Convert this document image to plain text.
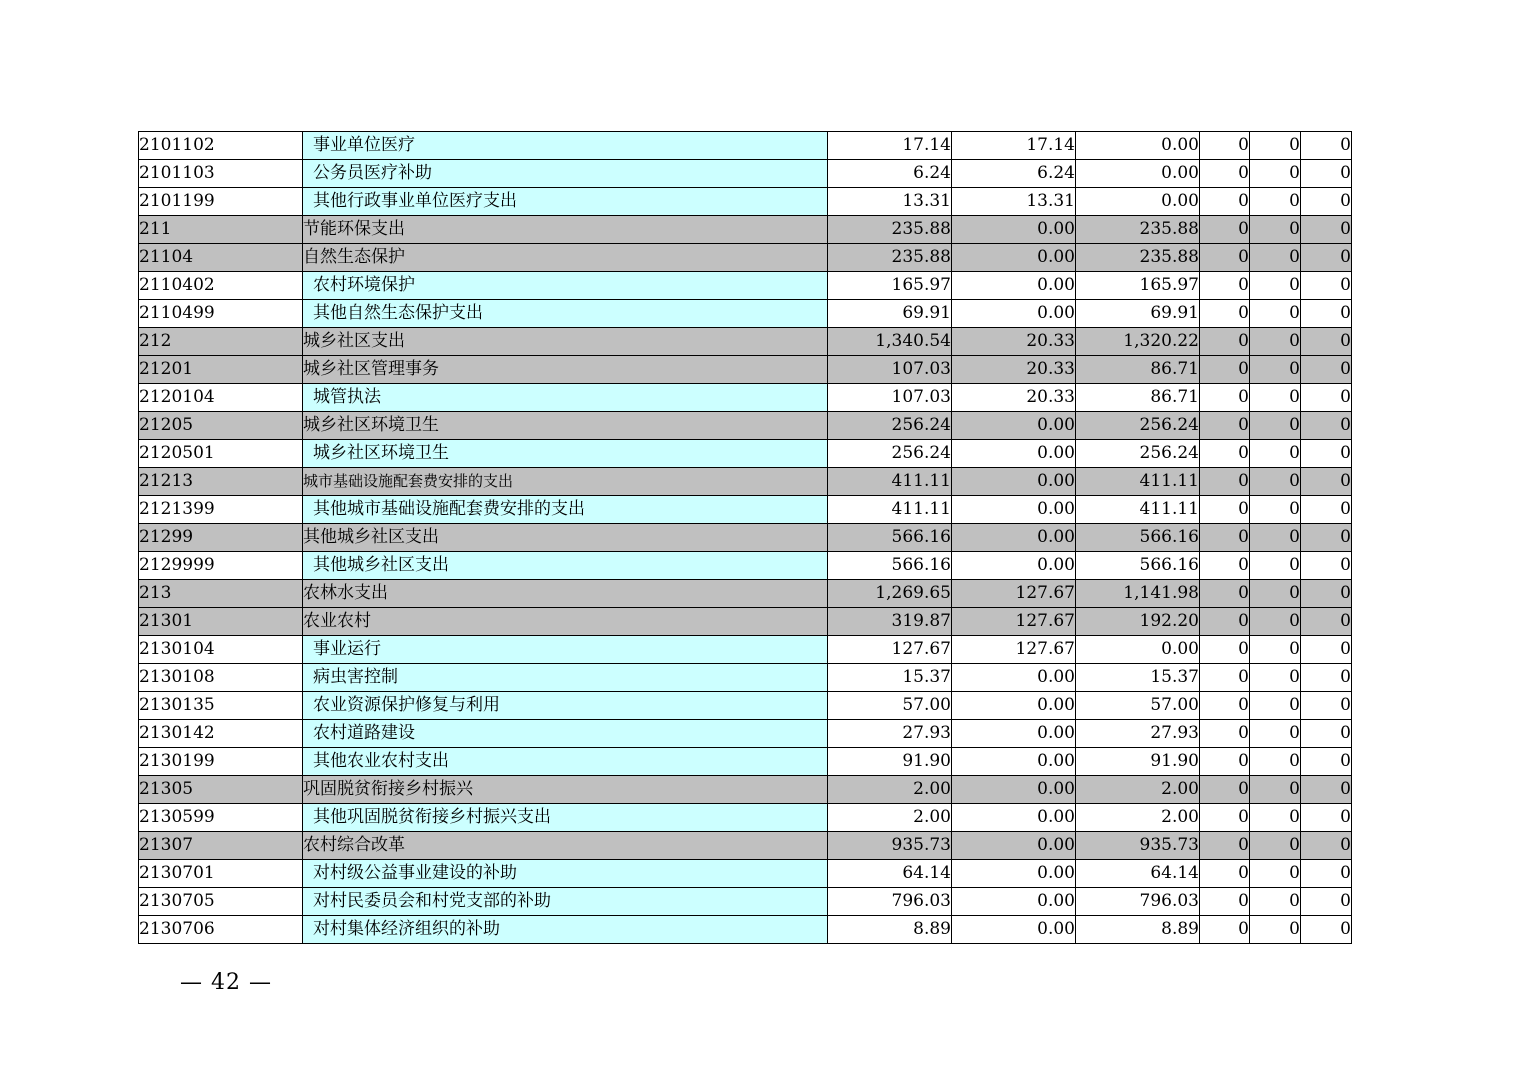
2101102	事业单位医疗	17.14	17.14	0.00	0	0	0
2101103	公务员医疗补助	6.24	6.24	0.00	0	0	0
2101199	其他行政事业单位医疗支出	13.31	13.31	0.00	0	0	0
211	节能环保支出	235.88	0.00	235.88	0	0	0
21104	自然生态保护	235.88	0.00	235.88	0	0	0
2110402	农村环境保护	165.97	0.00	165.97	0	0	0
2110499	其他自然生态保护支出	69.91	0.00	69.91	0	0	0
212	城乡社区支出	1,340.54	20.33	1,320.22	0	0	0
21201	城乡社区管理事务	107.03	20.33	86.71	0	0	0
2120104	城管执法	107.03	20.33	86.71	0	0	0
21205	城乡社区环境卫生	256.24	0.00	256.24	0	0	0
2120501	城乡社区环境卫生	256.24	0.00	256.24	0	0	0
21213	城市基础设施配套费安排的支出	411.11	0.00	411.11	0	0	0
2121399	其他城市基础设施配套费安排的支出	411.11	0.00	411.11	0	0	0
21299	其他城乡社区支出	566.16	0.00	566.16	0	0	0
2129999	其他城乡社区支出	566.16	0.00	566.16	0	0	0
213	农林水支出	1,269.65	127.67	1,141.98	0	0	0
21301	农业农村	319.87	127.67	192.20	0	0	0
2130104	事业运行	127.67	127.67	0.00	0	0	0
2130108	病虫害控制	15.37	0.00	15.37	0	0	0
2130135	农业资源保护修复与利用	57.00	0.00	57.00	0	0	0
2130142	农村道路建设	27.93	0.00	27.93	0	0	0
2130199	其他农业农村支出	91.90	0.00	91.90	0	0	0
21305	巩固脱贫衔接乡村振兴	2.00	0.00	2.00	0	0	0
2130599	其他巩固脱贫衔接乡村振兴支出	2.00	0.00	2.00	0	0	0
21307	农村综合改革	935.73	0.00	935.73	0	0	0
2130701	对村级公益事业建设的补助	64.14	0.00	64.14	0	0	0
2130705	对村民委员会和村党支部的补助	796.03	0.00	796.03	0	0	0
2130706	对村集体经济组织的补助	8.89	0.00	8.89	0	0	0
— 42 —
